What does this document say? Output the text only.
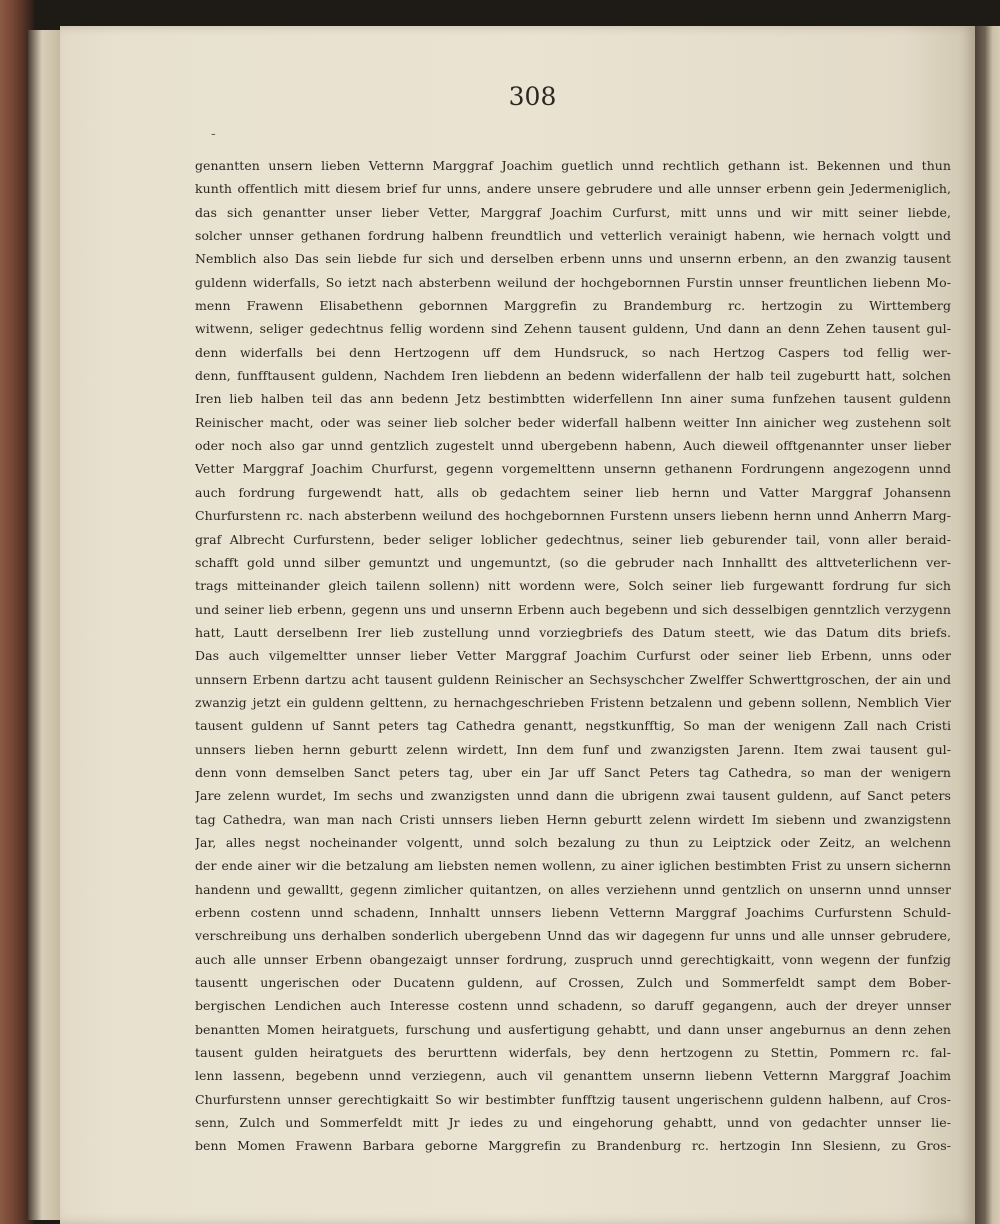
308
-
genantten unsern lieben Vetternn Marggraf Joachim guetlich unnd rechtlich gethann ist. Bekennen und thun
kunth offentlich mitt diesem brief fur unns, andere unsere gebrudere und alle unnser erbenn gein Jedermeniglich,
das sich genantter unser lieber Vetter, Marggraf Joachim Curfurst, mitt unns und wir mitt seiner liebde,
solcher unnser gethanen fordrung halbenn freundtlich und vetterlich verainigt habenn, wie hernach volgtt und
Nemblich also Das sein liebde fur sich und derselben erbenn unns und unsernn erbenn, an den zwanzig tausent
guldenn widerfalls, So ietzt nach absterbenn weilund der hochgebornnen Furstin unnser freuntlichen liebenn Mo-
menn Frawenn Elisabethenn gebornnen Marggrefin zu Brandemburg rc. hertzogin zu Wirttemberg
witwenn, seliger gedechtnus fellig wordenn sind Zehenn tausent guldenn, Und dann an denn Zehen tausent gul-
denn widerfalls bei denn Hertzogenn uff dem Hundsruck, so nach Hertzog Caspers tod fellig wer-
denn, funfftausent guldenn, Nachdem Iren liebdenn an bedenn widerfallenn der halb teil zugeburtt hatt, solchen
Iren lieb halben teil das ann bedenn Jetz bestimbtten widerfellenn Inn ainer suma funfzehen tausent guldenn
Reinischer macht, oder was seiner lieb solcher beder widerfall halbenn weitter Inn ainicher weg zustehenn solt
oder noch also gar unnd gentzlich zugestelt unnd ubergebenn habenn, Auch dieweil offtgenannter unser lieber
Vetter Marggraf Joachim Churfurst, gegenn vorgemelttenn unsernn gethanenn Fordrungenn angezogenn unnd
auch fordrung furgewendt hatt, alls ob gedachtem seiner lieb hernn und Vatter Marggraf Johansenn
Churfurstenn rc. nach absterbenn weilund des hochgebornnen Furstenn unsers liebenn hernn unnd Anherrn Marg-
graf Albrecht Curfurstenn, beder seliger loblicher gedechtnus, seiner lieb geburender tail, vonn aller beraid-
schafft gold unnd silber gemuntzt und ungemuntzt, (so die gebruder nach Innhalltt des alttveterlichenn ver-
trags mitteinander gleich tailenn sollenn) nitt wordenn were, Solch seiner lieb furgewantt fordrung fur sich
und seiner lieb erbenn, gegenn uns und unsernn Erbenn auch begebenn und sich desselbigen genntzlich verzygenn
hatt, Lautt derselbenn Irer lieb zustellung unnd vorziegbriefs des Datum steett, wie das Datum dits briefs.
Das auch vilgemeltter unnser lieber Vetter Marggraf Joachim Curfurst oder seiner lieb Erbenn, unns oder
unnsern Erbenn dartzu acht tausent guldenn Reinischer an Sechsyschcher Zwelffer Schwerttgroschen, der ain und
zwanzig jetzt ein guldenn gelttenn, zu hernachgeschrieben Fristenn betzalenn und gebenn sollenn, Nemblich Vier
tausent guldenn uf Sannt peters tag Cathedra genantt, negstkunfftig, So man der wenigenn Zall nach Cristi
unnsers lieben hernn geburtt zelenn wirdett, Inn dem funf und zwanzigsten Jarenn. Item zwai tausent gul-
denn vonn demselben Sanct peters tag, uber ein Jar uff Sanct Peters tag Cathedra, so man der wenigern
Jare zelenn wurdet, Im sechs und zwanzigsten unnd dann die ubrigenn zwai tausent guldenn, auf Sanct peters
tag Cathedra, wan man nach Cristi unnsers lieben Hernn geburtt zelenn wirdett Im siebenn und zwanzigstenn
Jar, alles negst nocheinander volgentt, unnd solch bezalung zu thun zu Leiptzick oder Zeitz, an welchenn
der ende ainer wir die betzalung am liebsten nemen wollenn, zu ainer iglichen bestimbten Frist zu unsern sichernn
handenn und gewalltt, gegenn zimlicher quitantzen, on alles verziehenn unnd gentzlich on unsernn unnd unnser
erbenn costenn unnd schadenn, Innhaltt unnsers liebenn Vetternn Marggraf Joachims Curfurstenn Schuld-
verschreibung uns derhalben sonderlich ubergebenn Unnd das wir dagegenn fur unns und alle unnser gebrudere,
auch alle unnser Erbenn obangezaigt unnser fordrung, zuspruch unnd gerechtigkaitt, vonn wegenn der funfzig
tausentt ungerischen oder Ducatenn guldenn, auf Crossen, Zulch und Sommerfeldt sampt dem Bober-
bergischen Lendichen auch Interesse costenn unnd schadenn, so daruff gegangenn, auch der dreyer unnser
benantten Momen heiratguets, furschung und ausfertigung gehabtt, und dann unser angeburnus an denn zehen
tausent gulden heiratguets des berurttenn widerfals, bey denn hertzogenn zu Stettin, Pommern rc. fal-
lenn lassenn, begebenn unnd verziegenn, auch vil genanttem unsernn liebenn Vetternn Marggraf Joachim
Churfurstenn unnser gerechtigkaitt So wir bestimbter funfftzig tausent ungerischenn guldenn halbenn, auf Cros-
senn, Zulch und Sommerfeldt mitt Jr iedes zu und eingehorung gehabtt, unnd von gedachter unnser lie-
benn Momen Frawenn Barbara geborne Marggrefin zu Brandenburg rc. hertzogin Inn Slesienn, zu Gros-
